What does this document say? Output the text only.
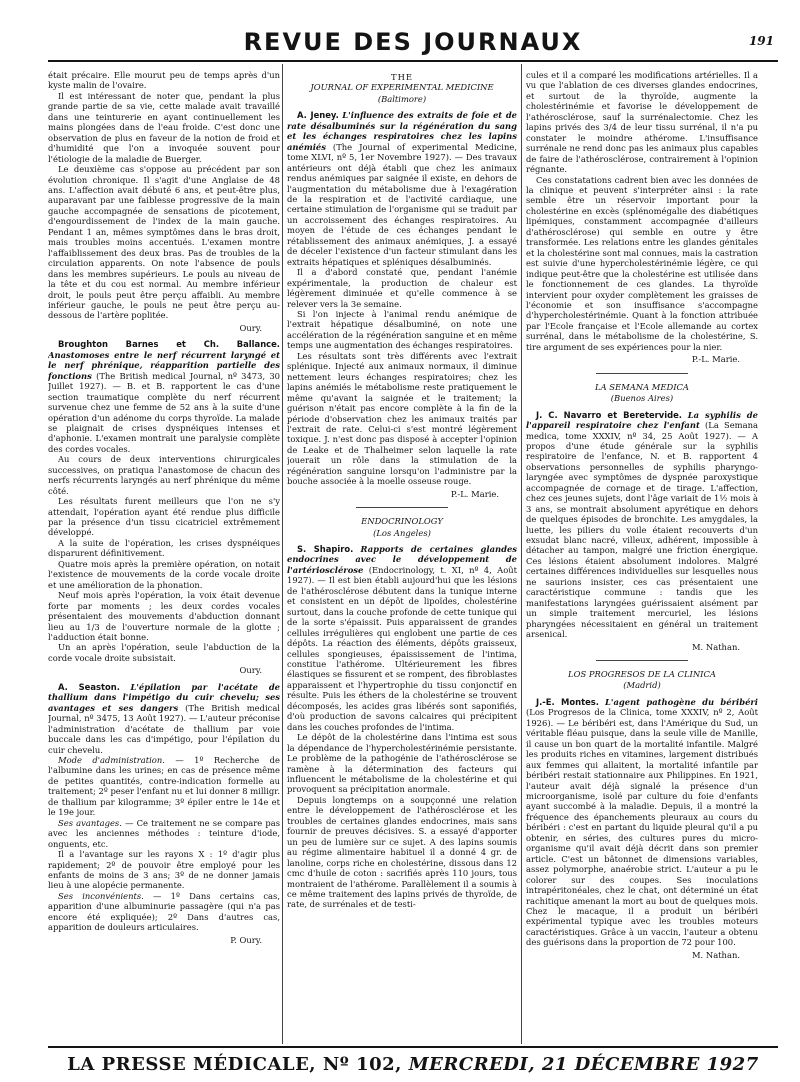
REVUE DES JOURNAUX	191

était précaire. Elle mourut peu de temps après d'un kyste malin de l'ovaire.

Il est intéressant de noter que, pendant la plus grande partie de sa vie, cette malade avait travaillé dans une teinturerie en ayant continuellement les mains plongées dans de l'eau froide. C'est donc une observation de plus en faveur de la notion de froid et d'humidité que l'on a invoquée souvent pour l'étiologie de la maladie de Buerger.

Le deuxième cas s'oppose au précédent par son évolution chronique. Il s'agit d'une Anglaise de 48 ans. L'affection avait débuté 6 ans, et peut-être plus, auparavant par une faiblesse progressive de la main gauche accompagnée de sensations de picotement, d'engourdissement de l'index de la main gauche. Pendant 1 an, mêmes symptômes dans le bras droit, mais troubles moins accentués. L'examen montre l'affaiblissement des deux bras. Pas de troubles de la circulation apparents. On note l'absence de pouls dans les membres supérieurs. Le pouls au niveau de la tête et du cou est normal. Au membre inférieur droit, le pouls peut être perçu affaibli. Au membre inférieur gauche, le pouls ne peut être perçu au-dessous de l'artère poplitée.

Oury.

Broughton Barnes et Ch. Ballance. Anastomoses entre le nerf récurrent laryngé et le nerf phrénique, réapparition partielle des fonctions (The British medical Journal, nº 3473, 30 Juillet 1927). — B. et B. rapportent le cas d'une section traumatique complète du nerf récurrent survenue chez une femme de 52 ans à la suite d'une opération d'un adénome du corps thyroïde. La malade se plaignait de crises dyspnéiques intenses et d'aphonie. L'examen montrait une paralysie complète des cordes vocales.

Au cours de deux interventions chirurgicales successives, on pratiqua l'anastomose de chacun des nerfs récurrents laryngés au nerf phrénique du même côté.

Les résultats furent meilleurs que l'on ne s'y attendait, l'opération ayant été rendue plus difficile par la présence d'un tissu cicatriciel extrêmement développé.

A la suite de l'opération, les crises dyspnéiques disparurent définitivement.

Quatre mois après la première opération, on notait l'existence de mouvements de la corde vocale droite et une amélioration de la phonation.

Neuf mois après l'opération, la voix était devenue forte par moments ; les deux cordes vocales présentaient des mouvements d'abduction donnant lieu au 1/3 de l'ouverture normale de la glotte ; l'adduction était bonne.

Un an après l'opération, seule l'abduction de la corde vocale droite subsistait.

Oury.

A. Seaston. L'épilation par l'acétate de thallium dans l'impétigo du cuir chevelu; ses avantages et ses dangers (The British medical Journal, nº 3475, 13 Août 1927). — L'auteur préconise l'administration d'acétate de thallium par voie buccale dans les cas d'impétigo, pour l'épilation du cuir chevelu.

Mode d'administration. — 1º Recherche de l'albumine dans les urines; en cas de présence même de petites quantités, contre-indication formelle au traitement; 2º peser l'enfant nu et lui donner 8 milligr. de thallium par kilogramme; 3º épiler entre le 14e et le 19e jour.

Ses avantages. — Ce traitement ne se compare pas avec les anciennes méthodes : teinture d'iode, onguents, etc.

Il a l'avantage sur les rayons X : 1º d'agir plus rapidement; 2º de pouvoir être employé pour les enfants de moins de 3 ans; 3º de ne donner jamais lieu à une alopécie permanente.

Ses inconvénients. — 1º Dans certains cas, apparition d'une albuminurie passagère (qui n'a pas encore été expliquée); 2º Dans d'autres cas, apparition de douleurs articulaires.

P. Oury.

THE
JOURNAL OF EXPERIMENTAL MEDICINE
(Baltimore)

A. Jeney. L'influence des extraits de foie et de rate désalbuminés sur la régénération du sang et les échanges respiratoires chez les lapins anémiés (The Journal of experimental Medicine, tome XLVI, nº 5, 1er Novembre 1927). — Des travaux antérieurs ont déjà établi que chez les animaux rendus anémiques par saignée il existe, en dehors de l'augmentation du métabolisme due à l'exagération de la respiration et de l'activité cardiaque, une certaine stimulation de l'organisme qui se traduit par un accroissement des échanges respiratoires. Au moyen de l'étude de ces échanges pendant le rétablissement des animaux anémiques, J. a essayé de déceler l'existence d'un facteur stimulant dans les extraits hépatiques et spléniques désalbuminés.

Il a d'abord constaté que, pendant l'anémie expérimentale, la production de chaleur est légèrement diminuée et qu'elle commence à se relever vers la 3e semaine.

Si l'on injecte à l'animal rendu anémique de l'extrait hépatique désalbuminé, on note une accélération de la régénération sanguine et en même temps une augmentation des échanges respiratoires.

Les résultats sont très différents avec l'extrait splénique. Injecté aux animaux normaux, il diminue nettement leurs échanges respiratoires; chez les lapins anémiés le métabolisme reste pratiquement le même qu'avant la saignée et le traitement; la guérison n'était pas encore complète à la fin de la période d'observation chez les animaux traités par l'extrait de rate. Celui-ci s'est montré légèrement toxique. J. n'est donc pas disposé à accepter l'opinion de Leake et de Thalheimer selon laquelle la rate jouerait un rôle dans la stimulation de la régénération sanguine lorsqu'on l'administre par la bouche associée à la moelle osseuse rouge.

P.-L. Marie.

ENDOCRINOLOGY
(Los Angeles)

S. Shapiro. Rapports de certaines glandes endocrines avec le développement de l'artériosclérose (Endocrinology, t. XI, nº 4, Août 1927). — Il est bien établi aujourd'hui que les lésions de l'athérosclérose débutent dans la tunique interne et consistent en un dépôt de lipoïdes, cholestérine surtout, dans la couche profonde de cette tunique qui de la sorte s'épaissit. Puis apparaissent de grandes cellules irrégulières qui englobent une partie de ces dépôts. La réaction des éléments, dépôts graisseux, cellules spongieuses, épaississement de l'intima, constitue l'athérome. Ultérieurement les fibres élastiques se fissurent et se rompent, des fibroblastes apparaissent et l'hypertrophie du tissu conjonctif en résulte. Puis les éthers de la cholestérine se trouvent décomposés, les acides gras libérés sont saponifiés, d'où production de savons calcaires qui précipitent dans les couches profondes de l'intima.

Le dépôt de la cholestérine dans l'intima est sous la dépendance de l'hypercholestérinémie persistante. Le problème de la pathogénie de l'athérosclérose se ramène à la détermination des facteurs qui influencent le métabolisme de la cholestérine et qui provoquent sa précipitation anormale.

Depuis longtemps on a soupçonné une relation entre le développement de l'athérosclérose et les troubles de certaines glandes endocrines, mais sans fournir de preuves décisives. S. a essayé d'apporter un peu de lumière sur ce sujet. A des lapins soumis au régime alimentaire habituel il a donné 4 gr. de lanoline, corps riche en cholestérine, dissous dans 12 cmc d'huile de coton : sacrifiés après 110 jours, tous montraient de l'athérome. Parallèlement il a soumis à ce même traitement des lapins privés de thyroïde, de rate, de surrénales et de testi-

cules et il a comparé les modifications artérielles. Il a vu que l'ablation de ces diverses glandes endocrines, et surtout de la thyroïde, augmente la cholestérinémie et favorise le développement de l'athérosclérose, sauf la surrénalectomie. Chez les lapins privés des 3/4 de leur tissu surrénal, il n'a pu constater le moindre athérome. L'insuffisance surrénale ne rend donc pas les animaux plus capables de faire de l'athérosclérose, contrairement à l'opinion régnante.

Ces constatations cadrent bien avec les données de la clinique et peuvent s'interpréter ainsi : la rate semble être un réservoir important pour la cholestérine en excès (splénomégalie des diabétiques lipémiques, constamment accompagnée d'ailleurs d'athérosclérose) qui semble en outre y être transformée. Les relations entre les glandes génitales et la cholestérine sont mal connues, mais la castration est suivie d'une hypercholestérinémie légère, ce qui indique peut-être que la cholestérine est utilisée dans le fonctionnement de ces glandes. La thyroïde intervient pour oxyder complètement les graisses de l'économie et son insuffisance s'accompagne d'hypercholestérinémie. Quant à la fonction attribuée par l'Ecole française et l'Ecole allemande au cortex surrénal, dans le métabolisme de la cholestérine, S. tire argument de ses expériences pour la nier.

P.-L. Marie.

LA SEMANA MEDICA
(Buenos Aires)

J. C. Navarro et Beretervide. La syphilis de l'appareil respiratoire chez l'enfant (La Semana medica, tome XXXIV, nº 34, 25 Août 1927). — A propos d'une étude générale sur la syphilis respiratoire de l'enfance, N. et B. rapportent 4 observations personnelles de syphilis pharyngo-laryngée avec symptômes de dyspnée paroxystique accompagnée de cornage et de tirage. L'affection, chez ces jeunes sujets, dont l'âge variait de 1½ mois à 3 ans, se montrait absolument apyrétique en dehors de quelques épisodes de bronchite. Les amygdales, la luette, les piliers du voile étaient recouverts d'un exsudat blanc nacré, villeux, adhérent, impossible à détacher au tampon, malgré une friction énergique. Ces lésions étaient absolument indolores. Malgré certaines différences individuelles sur lesquelles nous ne saurions insister, ces cas présentaient une caractéristique commune : tandis que les manifestations laryngées guérissaient aisément par un simple traitement mercuriel, les lésions pharyngées nécessitaient en général un traitement arsenical.

M. Nathan.

LOS PROGRESOS DE LA CLINICA
(Madrid)

J.-E. Montes. L'agent pathogène du béribéri (Los Progresos de la Clinica, tome XXXIV, nº 2, Août 1926). — Le béribéri est, dans l'Amérique du Sud, un véritable fléau puisque, dans la seule ville de Manille, il cause un bon quart de la mortalité infantile. Malgré les produits riches en vitamines, largement distribués aux femmes qui allaitent, la mortalité infantile par béribéri restait stationnaire aux Philippines. En 1921, l'auteur avait déjà signalé la présence d'un microorganisme, isolé par culture du foie d'enfants ayant succombé à la maladie. Depuis, il a montré la fréquence des épanchements pleuraux au cours du béribéri : c'est en partant du liquide pleural qu'il a pu obtenir, en séries, des cultures pures du micro-organisme qu'il avait déjà décrit dans son premier article. C'est un bâtonnet de dimensions variables, assez polymorphe, anaérobie strict. L'auteur a pu le colorer sur des coupes. Ses inoculations intrapéritonéales, chez le chat, ont déterminé un état rachitique amenant la mort au bout de quelques mois. Chez le macaque, il a produit un béribéri expérimental typique avec les troubles moteurs caractéristiques. Grâce à un vaccin, l'auteur a obtenu des guérisons dans la proportion de 72 pour 100.

M. Nathan.

LA PRESSE MÉDICALE, Nº 102, MERCREDI, 21 DÉCEMBRE 1927
